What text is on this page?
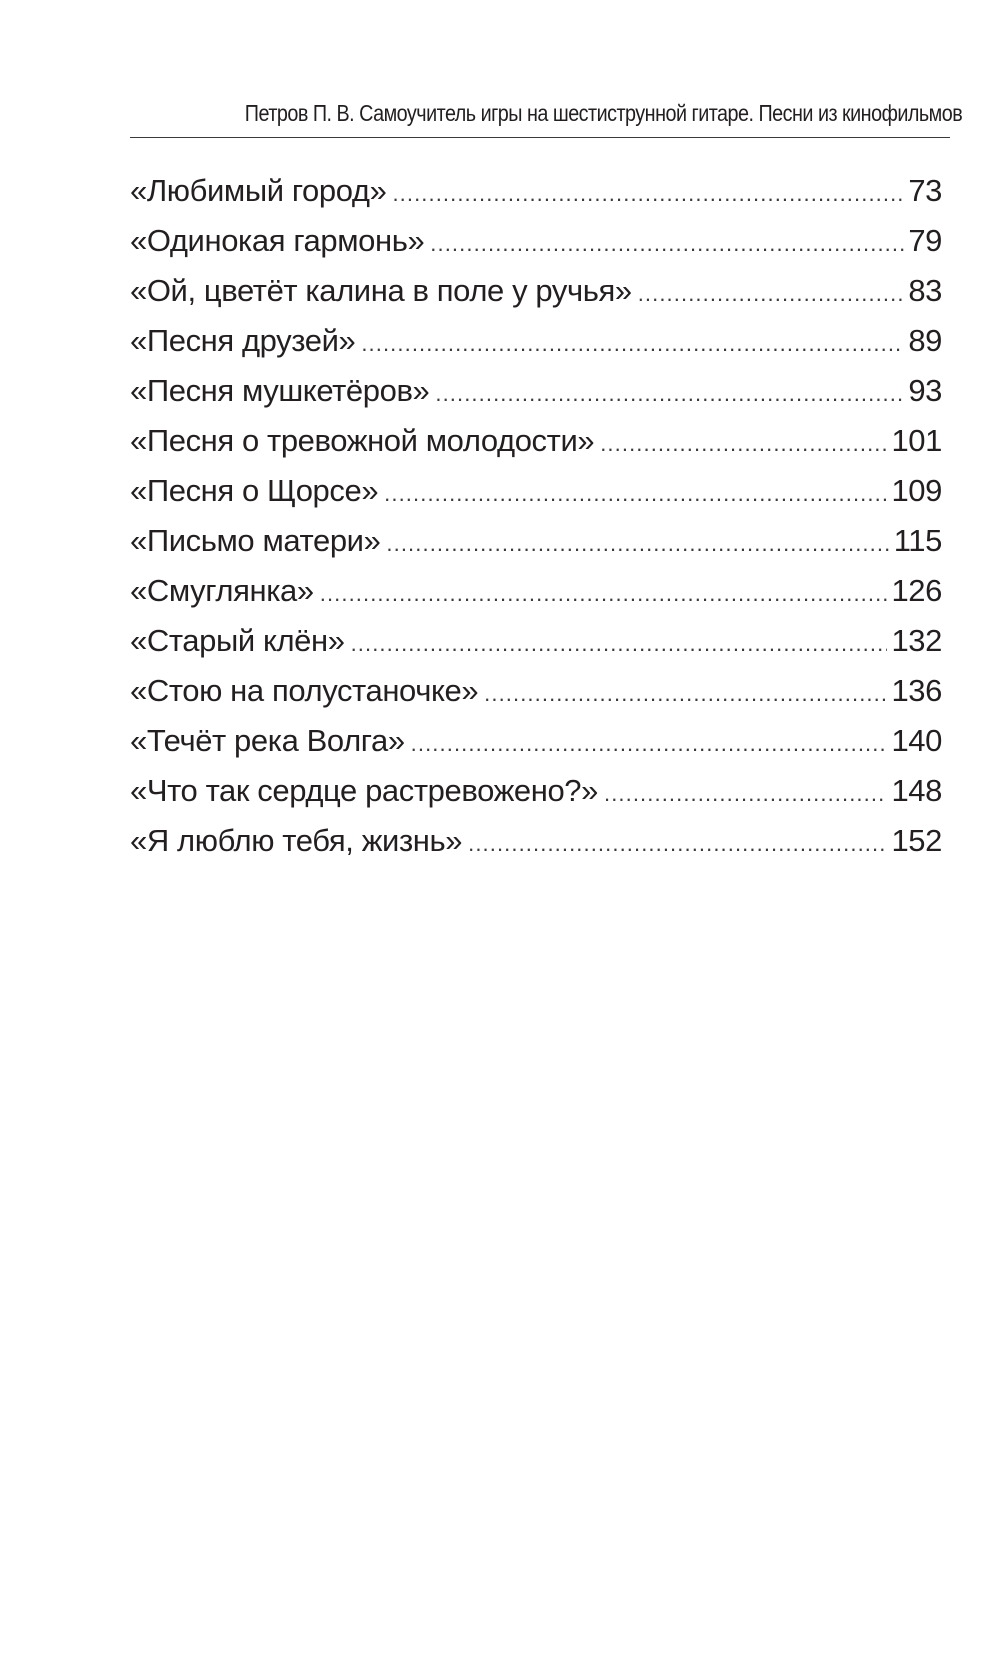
Петров П. В. Самоучитель игры на шестиструнной гитаре. Песни из кинофильмов
«Любимый город» .....	73
«Одинокая гармонь» .....	79
«Ой, цветёт калина в поле у ручья» .....	83
«Песня друзей» .....	89
«Песня мушкетёров» .....	93
«Песня о тревожной молодости» .....	101
«Песня о Щорсе» .....	109
«Письмо матери» .....	115
«Смуглянка» .....	126
«Старый клён» .....	132
«Стою на полустаночке» .....	136
«Течёт река Волга» .....	140
«Что так сердце растревожено?» .....	148
«Я люблю тебя, жизнь» .....	152
